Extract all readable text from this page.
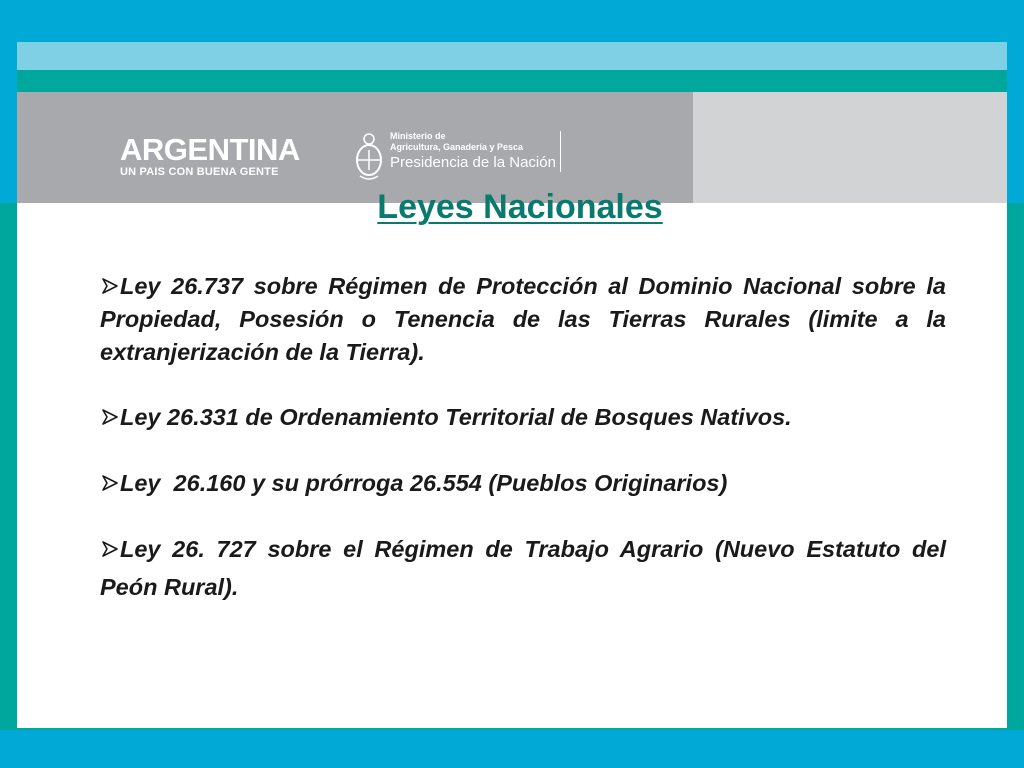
ARGENTINA
UN PAIS CON BUENA GENTE
Ministerio de
Agricultura, Ganadería y Pesca
Presidencia de la Nación
Leyes Nacionales

Ley 26.737 sobre Régimen de Protección al Dominio Nacional sobre la Propiedad, Posesión o Tenencia de las Tierras Rurales (limite a la extranjerización de la Tierra).

Ley 26.331 de Ordenamiento Territorial de Bosques Nativos.

Ley  26.160 y su prórroga 26.554 (Pueblos Originarios)

Ley 26. 727 sobre el Régimen de Trabajo Agrario (Nuevo Estatuto del Peón Rural).
